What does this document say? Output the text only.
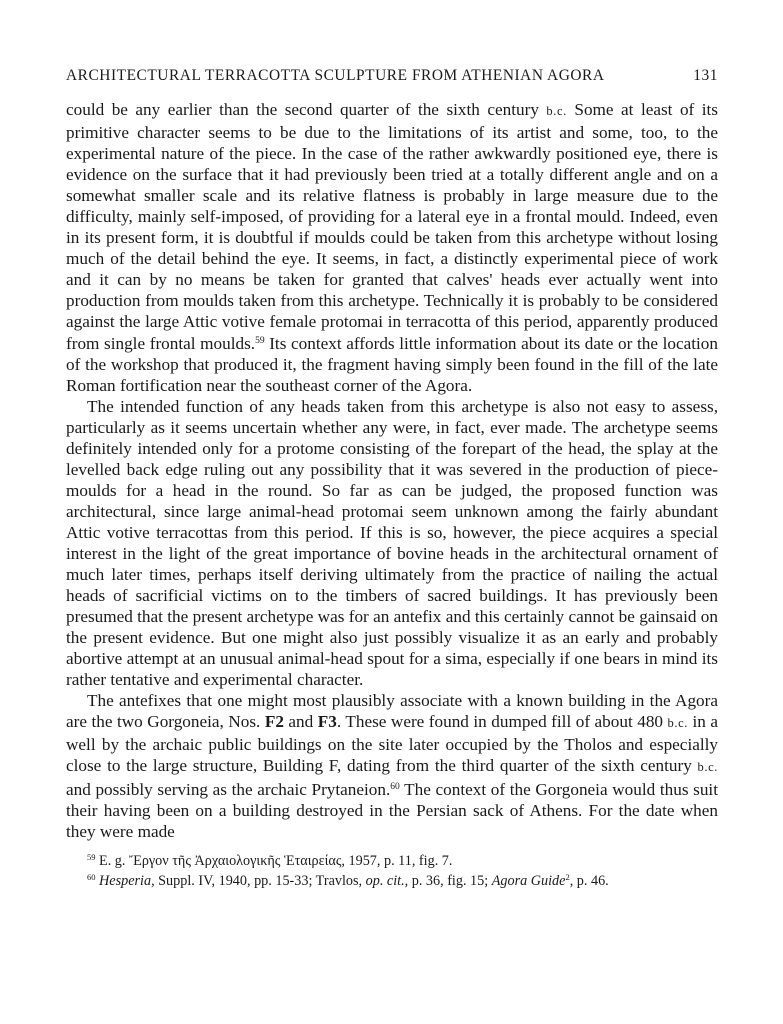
ARCHITECTURAL TERRACOTTA SCULPTURE FROM ATHENIAN AGORA	131

could be any earlier than the second quarter of the sixth century b.c. Some at least of its primitive character seems to be due to the limitations of its artist and some, too, to the experimental nature of the piece. In the case of the rather awkwardly positioned eye, there is evidence on the surface that it had previously been tried at a totally different angle and on a somewhat smaller scale and its relative flatness is probably in large measure due to the difficulty, mainly self-imposed, of providing for a lateral eye in a frontal mould. Indeed, even in its present form, it is doubtful if moulds could be taken from this archetype without losing much of the detail behind the eye. It seems, in fact, a distinctly experimental piece of work and it can by no means be taken for granted that calves' heads ever actually went into production from moulds taken from this archetype. Technically it is probably to be considered against the large Attic votive female protomai in terracotta of this period, apparently produced from single frontal moulds.$^{59}$ Its context affords little information about its date or the location of the workshop that produced it, the fragment having simply been found in the fill of the late Roman fortification near the southeast corner of the Agora.

The intended function of any heads taken from this archetype is also not easy to assess, particularly as it seems uncertain whether any were, in fact, ever made. The archetype seems definitely intended only for a protome consisting of the forepart of the head, the splay at the levelled back edge ruling out any possibility that it was severed in the production of piece-moulds for a head in the round. So far as can be judged, the proposed function was architectural, since large animal-head protomai seem unknown among the fairly abundant Attic votive terracottas from this period. If this is so, however, the piece acquires a special interest in the light of the great importance of bovine heads in the architectural ornament of much later times, perhaps itself deriving ultimately from the practice of nailing the actual heads of sacrificial victims on to the timbers of sacred buildings. It has previously been presumed that the present archetype was for an antefix and this certainly cannot be gainsaid on the present evidence. But one might also just possibly visualize it as an early and probably abortive attempt at an unusual animal-head spout for a sima, especially if one bears in mind its rather tentative and experimental character.

The antefixes that one might most plausibly associate with a known building in the Agora are the two Gorgoneia, Nos. F2 and F3. These were found in dumped fill of about 480 b.c. in a well by the archaic public buildings on the site later occupied by the Tholos and especially close to the large structure, Building F, dating from the third quarter of the sixth century b.c. and possibly serving as the archaic Prytaneion.$^{60}$ The context of the Gorgoneia would thus suit their having been on a building destroyed in the Persian sack of Athens. For the date when they were made

$^{59}$ E. g. Ἔργον τῆς Ἀρχαιολογικῆς Ἑταιρείας, 1957, p. 11, fig. 7.

$^{60}$ Hesperia, Suppl. IV, 1940, pp. 15-33; Travlos, op. cit., p. 36, fig. 15; Agora Guide$^2$, p. 46.
